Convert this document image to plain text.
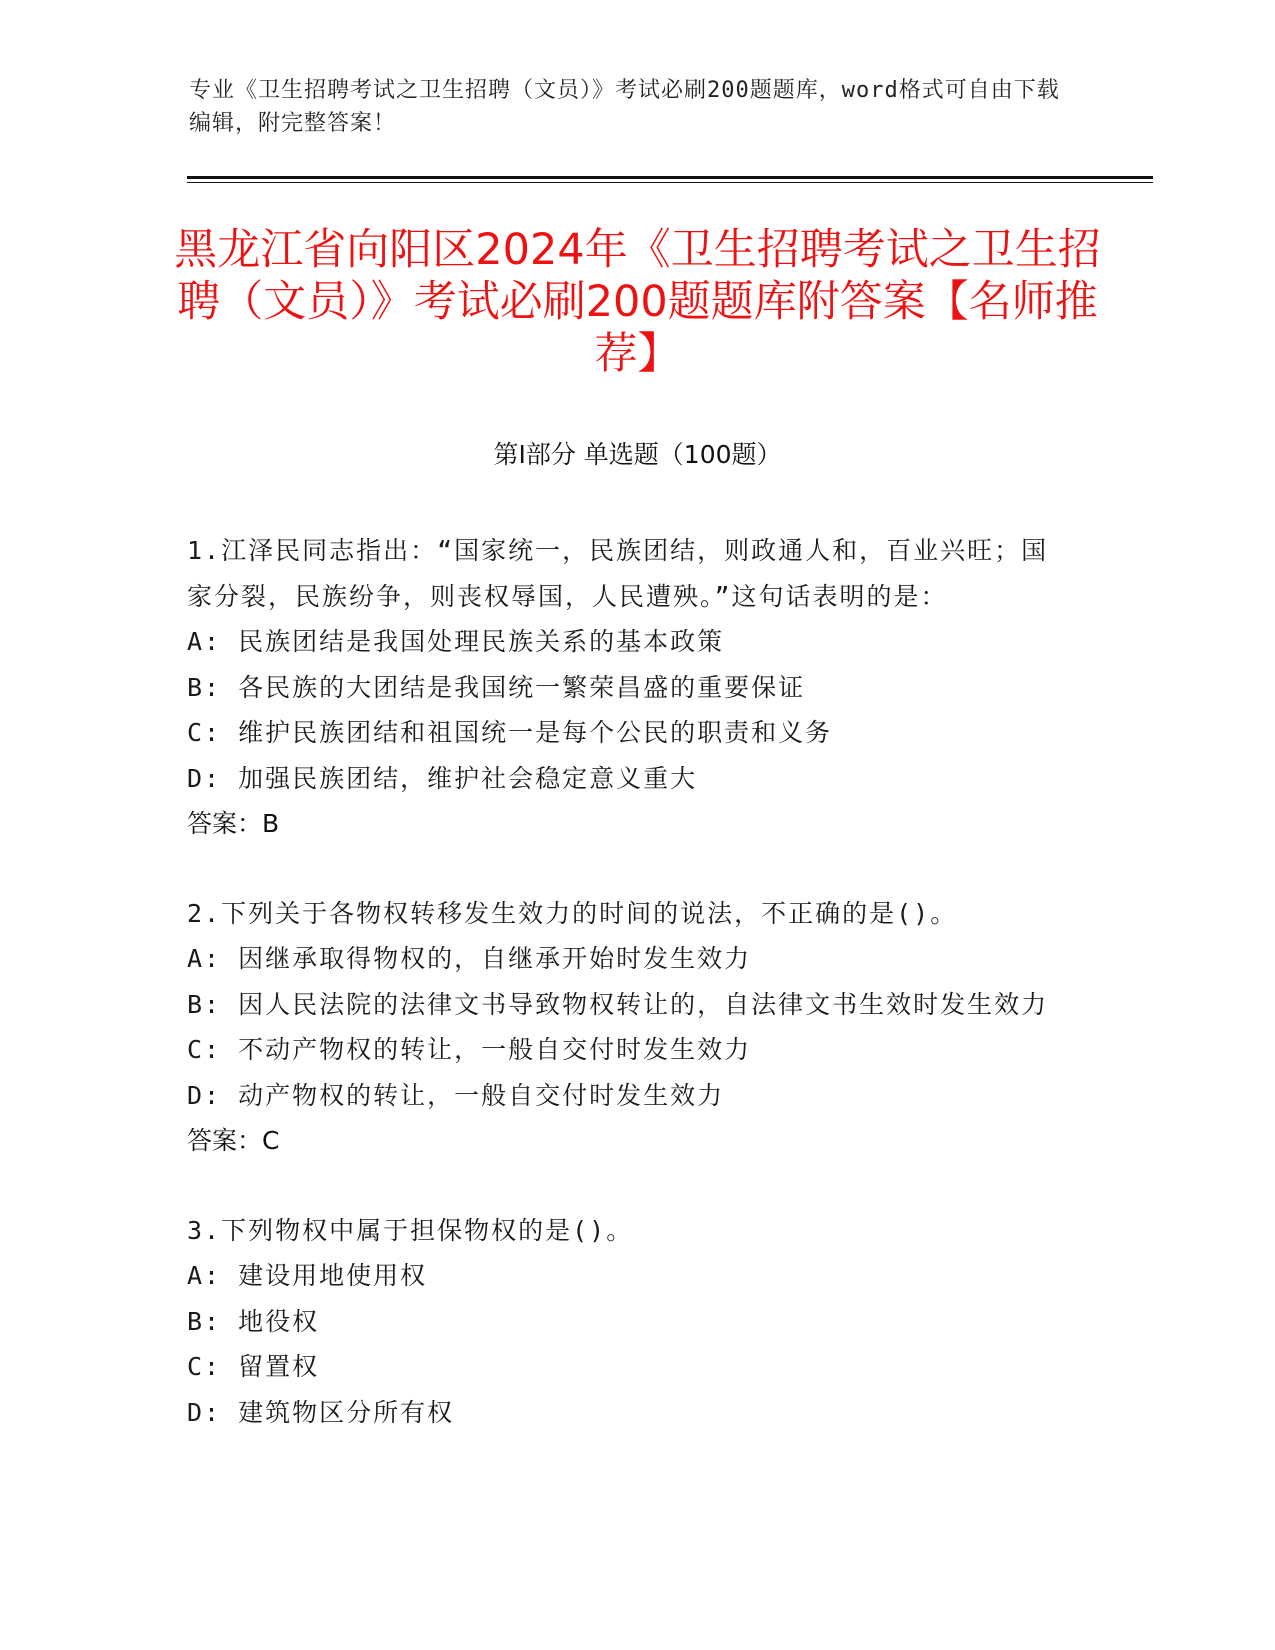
专业《卫生招聘考试之卫生招聘（文员）》考试必刷200题题库，word格式可自由下载编辑，附完整答案！
黑龙江省向阳区2024年《卫生招聘考试之卫生招聘（文员）》考试必刷200题题库附答案【名师推荐】
第Ⅰ部分 单选题（100题）

1.江泽民同志指出：“国家统一，民族团结，则政通人和，百业兴旺；国家分裂，民族纷争，则丧权辱国，人民遭殃。”这句话表明的是：

A: 民族团结是我国处理民族关系的基本政策

B: 各民族的大团结是我国统一繁荣昌盛的重要保证

C: 维护民族团结和祖国统一是每个公民的职责和义务

D: 加强民族团结，维护社会稳定意义重大

答案：B

2.下列关于各物权转移发生效力的时间的说法，不正确的是()。

A: 因继承取得物权的，自继承开始时发生效力

B: 因人民法院的法律文书导致物权转让的，自法律文书生效时发生效力

C: 不动产物权的转让，一般自交付时发生效力

D: 动产物权的转让，一般自交付时发生效力

答案：C

3.下列物权中属于担保物权的是()。

A: 建设用地使用权

B: 地役权

C: 留置权

D: 建筑物区分所有权
